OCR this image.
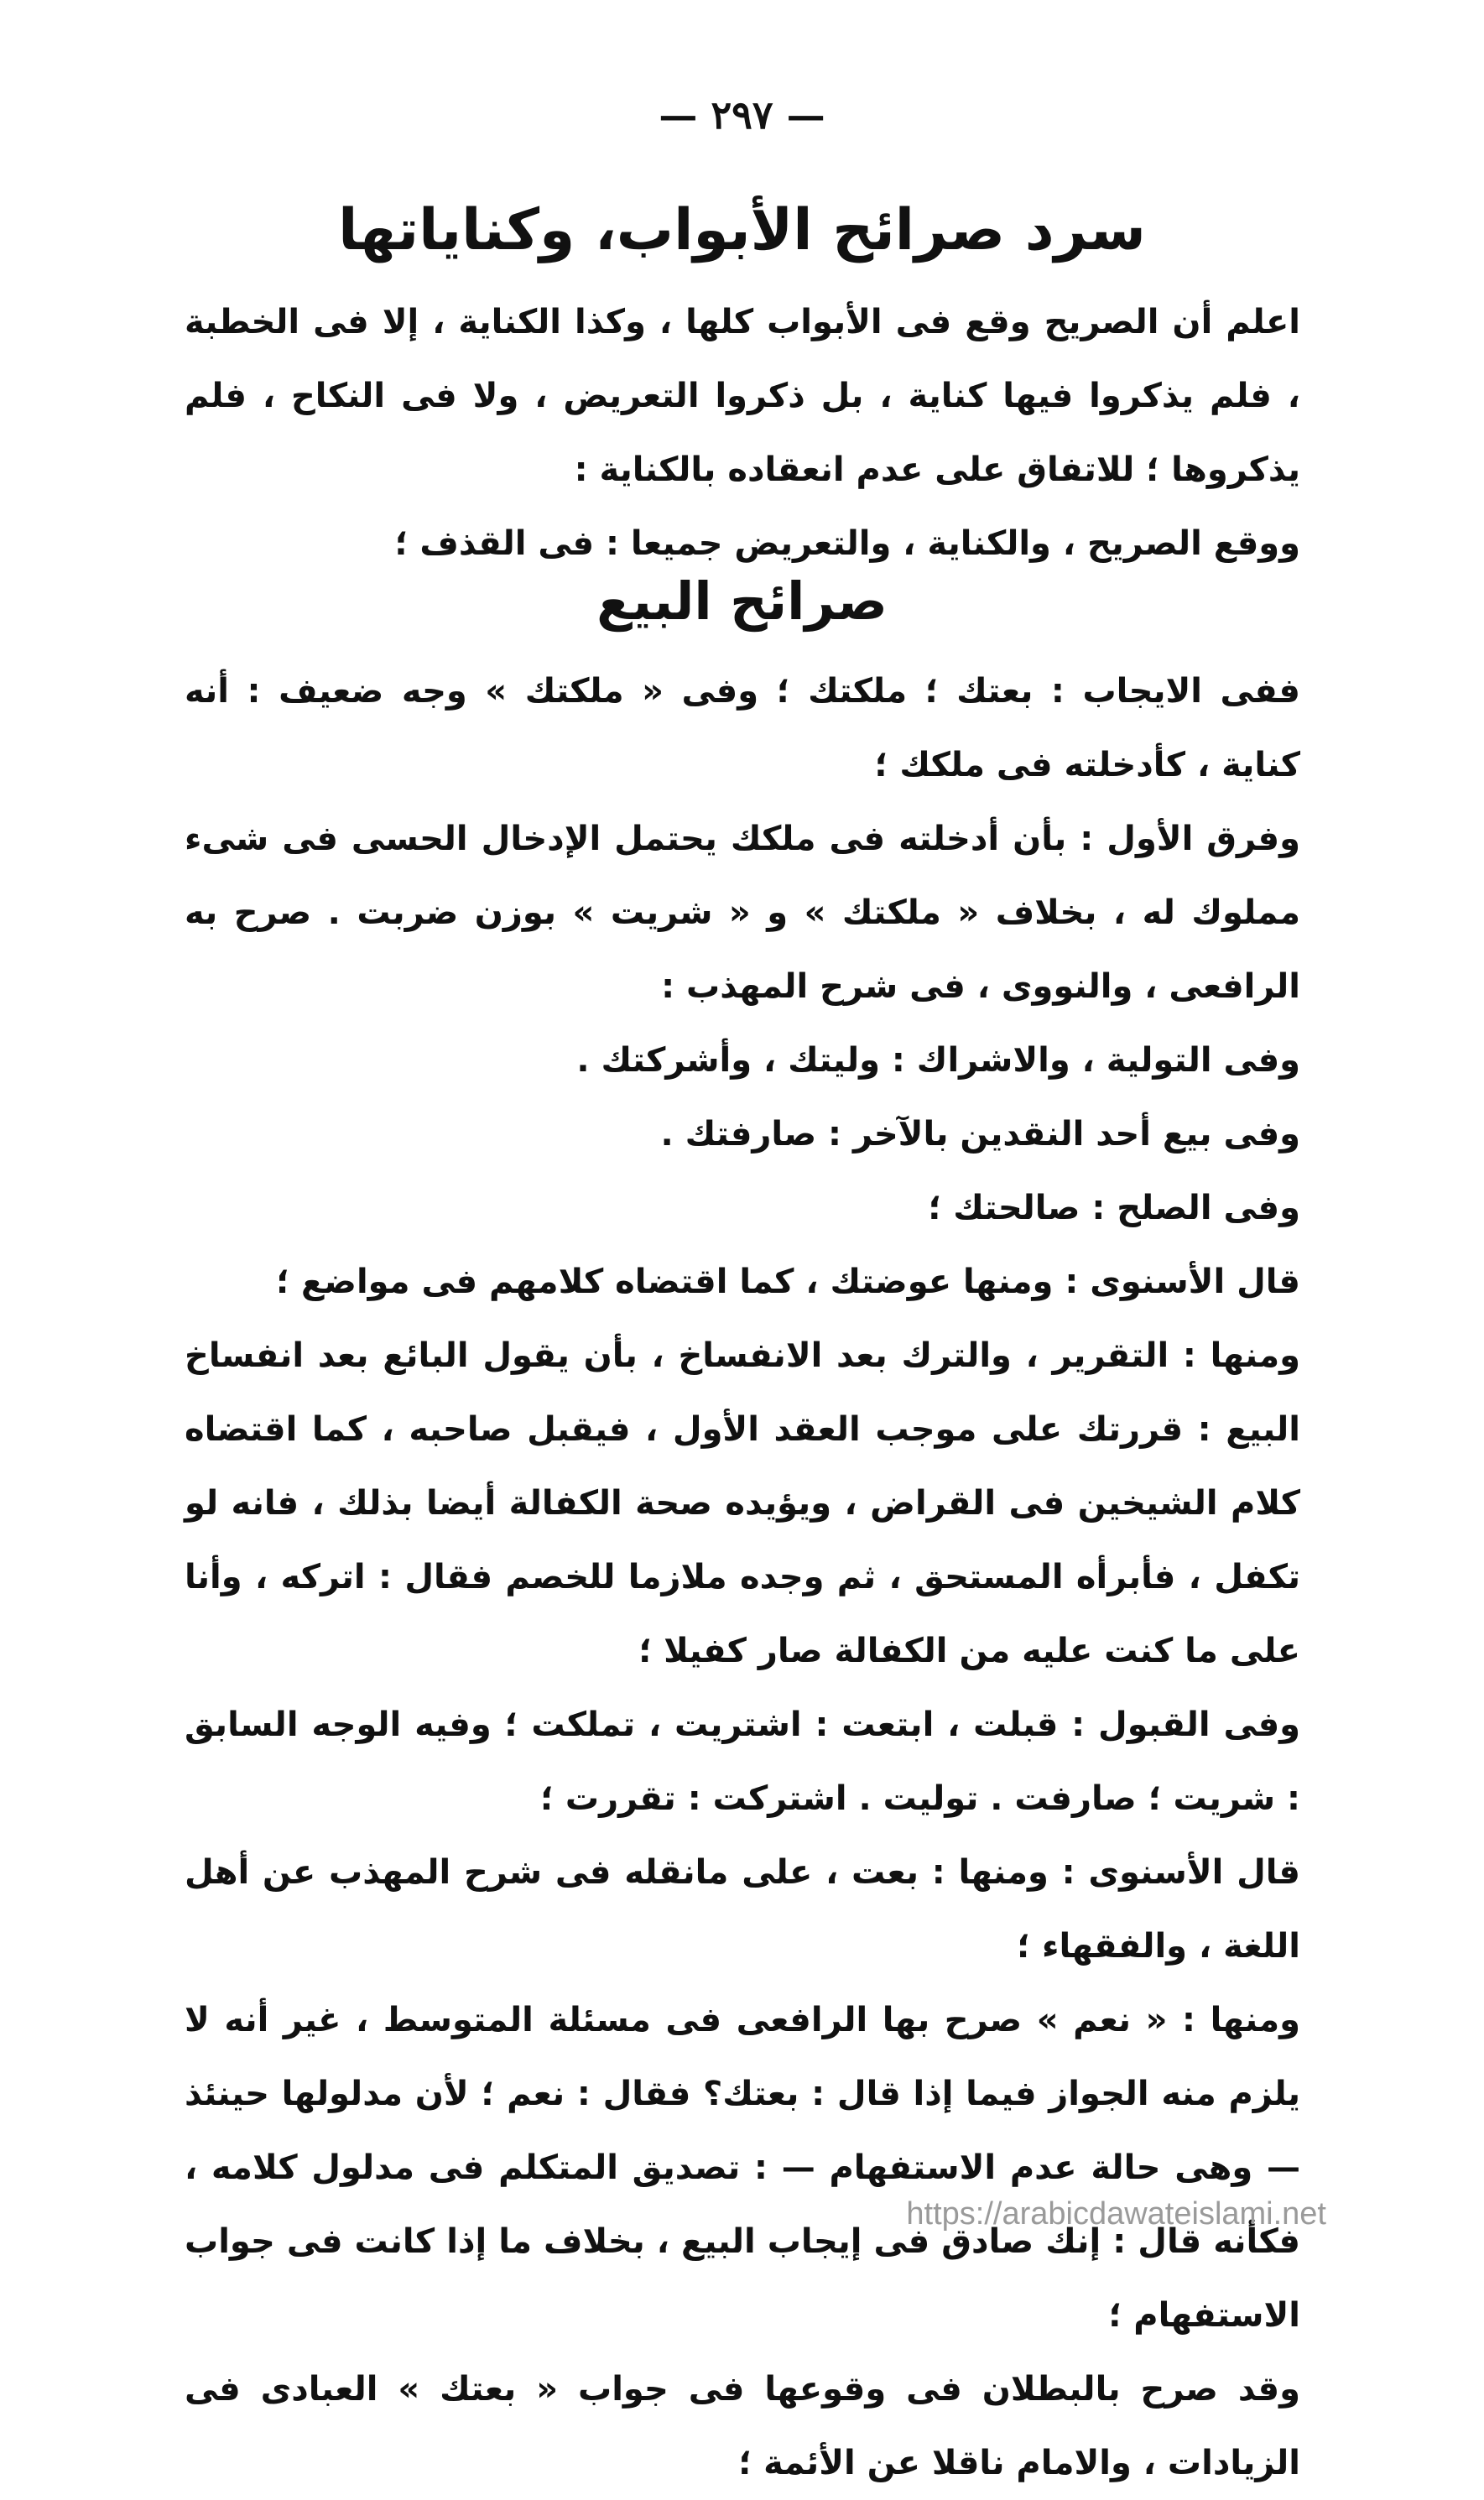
— ٢٩٧ —
سرد صرائح الأبواب، وكناياتها

اعلم أن الصريح وقع فى الأبواب كلها ، وكذا الكناية ، إلا فى الخطبة ، فلم يذكروا فيها كناية ، بل ذكروا التعريض ، ولا فى النكاح ، فلم يذكروها ؛ للاتفاق على عدم انعقاده بالكناية :

ووقع الصريح ، والكناية ، والتعريض جميعا : فى القذف ؛

صرائح البيع

ففى الايجاب : بعتك ؛ ملكتك ؛ وفى « ملكتك » وجه ضعيف : أنه كناية ، كأدخلته فى ملكك ؛

وفرق الأول : بأن أدخلته فى ملكك يحتمل الإدخال الحسى فى شىء مملوك له ، بخلاف « ملكتك » و « شريت » بوزن ضربت . صرح به الرافعى ، والنووى ، فى شرح المهذب :

وفى التولية ، والاشراك : وليتك ، وأشركتك .

وفى بيع أحد النقدين بالآخر : صارفتك .

وفى الصلح : صالحتك ؛

قال الأسنوى : ومنها عوضتك ، كما اقتضاه كلامهم فى مواضع ؛

ومنها : التقرير ، والترك بعد الانفساخ ، بأن يقول البائع بعد انفساخ البيع : قررتك على موجب العقد الأول ، فيقبل صاحبه ، كما اقتضاه كلام الشيخين فى القراض ، ويؤيده صحة الكفالة أيضا بذلك ، فانه لو تكفل ، فأبرأه المستحق ، ثم وجده ملازما للخصم فقال : اتركه ، وأنا على ما كنت عليه من الكفالة صار كفيلا ؛

وفى القبول : قبلت ، ابتعت : اشتريت ، تملكت ؛ وفيه الوجه السابق : شريت ؛ صارفت . توليت . اشتركت : تقررت ؛

قال الأسنوى : ومنها : بعت ، على مانقله فى شرح المهذب عن أهل اللغة ، والفقهاء ؛

ومنها : « نعم » صرح بها الرافعى فى مسئلة المتوسط ، غير أنه لا يلزم منه الجواز فيما إذا قال : بعتك؟ فقال : نعم ؛ لأن مدلولها حينئذ — وهى حالة عدم الاستفهام — : تصديق المتكلم فى مدلول كلامه ، فكأنه قال : إنك صادق فى إيجاب البيع ، بخلاف ما إذا كانت فى جواب الاستفهام ؛

وقد صرح بالبطلان فى وقوعها فى جواب « بعتك » العبادى فى الزيادات ، والامام ناقلا عن الأئمة ؛

https://arabicdawateislami.net
